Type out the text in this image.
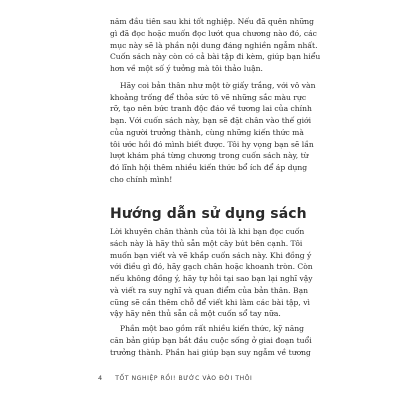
năm đầu tiên sau khi tốt nghiệp. Nếu đã quên những
gì đã đọc hoặc muốn đọc lướt qua chương nào đó, các
mục này sẽ là phần nội dung đáng nghiền ngẫm nhất.
Cuốn sách này còn có cả bài tập đi kèm, giúp bạn hiểu
hơn về một số ý tưởng mà tôi thảo luận.

Hãy coi bản thân như một tờ giấy trắng, với vô vàn
khoảng trống để thỏa sức tô vẽ những sắc màu rực
rỡ, tạo nên bức tranh độc đáo về tương lai của chính
bạn. Với cuốn sách này, bạn sẽ đặt chân vào thế giới
của người trưởng thành, cùng những kiến thức mà
tôi ước hồi đó mình biết được. Tôi hy vọng bạn sẽ lần
lượt khám phá từng chương trong cuốn sách này, từ
đó lĩnh hội thêm nhiều kiến thức bổ ích để áp dụng
cho chính mình!

Hướng dẫn sử dụng sách

Lời khuyên chân thành của tôi là khi bạn đọc cuốn
sách này là hãy thủ sẵn một cây bút bên cạnh. Tôi
muốn bạn viết và vẽ khắp cuốn sách này. Khi đồng ý
với điều gì đó, hãy gạch chân hoặc khoanh tròn. Còn
nếu không đồng ý, hãy tự hỏi tại sao bạn lại nghĩ vậy
và viết ra suy nghĩ và quan điểm của bản thân. Bạn
cũng sẽ cần thêm chỗ để viết khi làm các bài tập, vì
vậy hãy nên thủ sẵn cả một cuốn sổ tay nữa.

Phần một bao gồm rất nhiều kiến thức, kỹ năng
căn bản giúp bạn bắt đầu cuộc sống ở giai đoạn tuổi
trưởng thành. Phần hai giúp bạn suy ngẫm về tương

4 TỐT NGHIỆP RỒI! BƯỚC VÀO ĐỜI THÔI
